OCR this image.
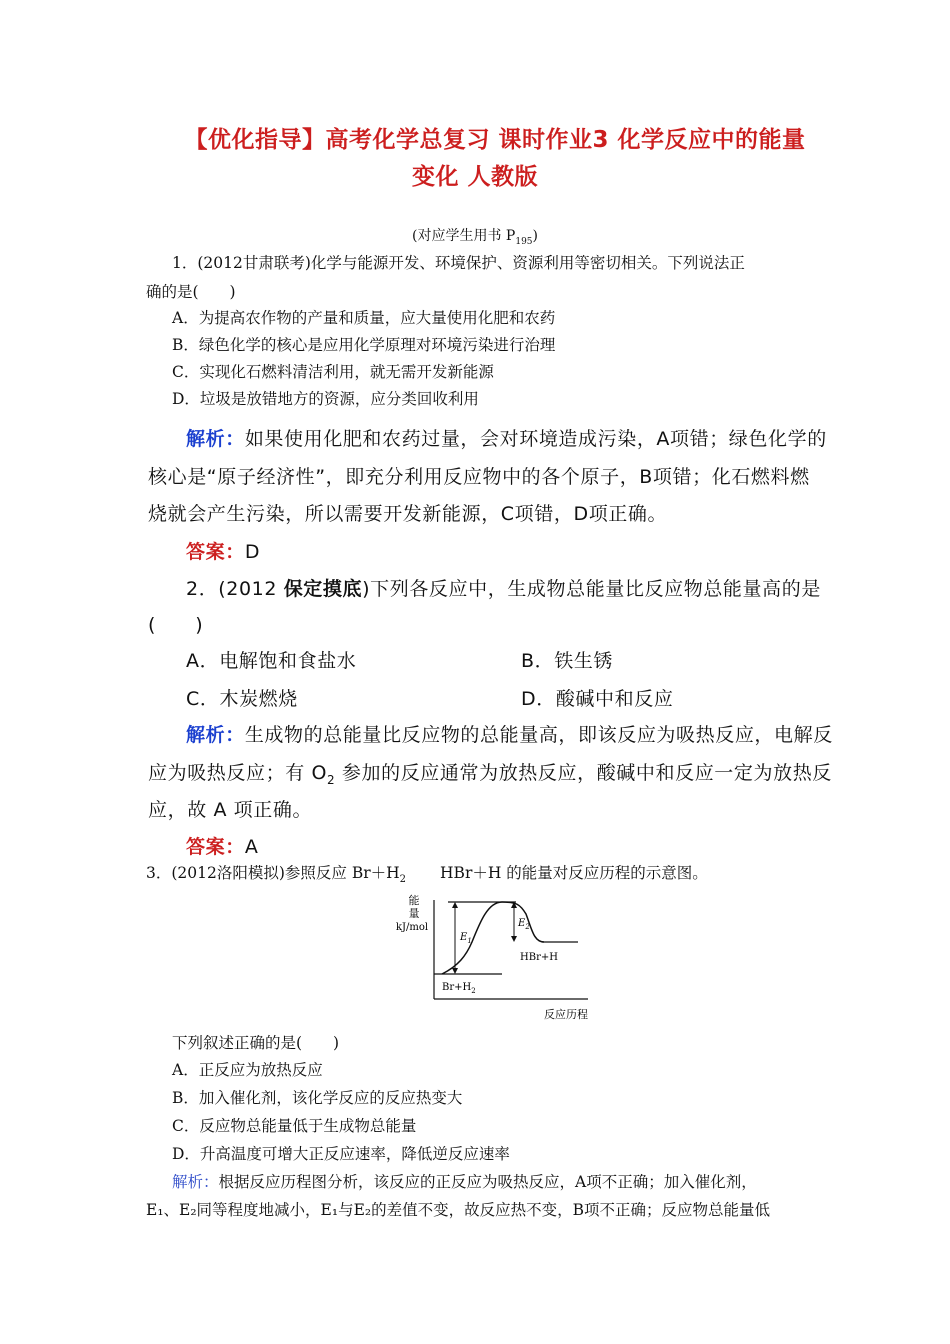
【优化指导】高考化学总复习 课时作业3 化学反应中的能量
变化 人教版
(对应学生用书 $P_{195}$)
1．(2012甘肃联考)化学与能源开发、环境保护、资源利用等密切相关。下列说法正
确的是(　　)
A．为提高农作物的产量和质量，应大量使用化肥和农药
B．绿色化学的核心是应用化学原理对环境污染进行治理
C．实现化石燃料清洁利用，就无需开发新能源
D．垃圾是放错地方的资源，应分类回收利用
解析：如果使用化肥和农药过量，会对环境造成污染，A项错；绿色化学的
核心是“原子经济性”，即充分利用反应物中的各个原子，B项错；化石燃料燃
烧就会产生污染，所以需要开发新能源，C项错，D项正确。
答案：D
2．(2012 保定摸底)下列各反应中，生成物总能量比反应物总能量高的是
(　　)
A．电解饱和食盐水	B．铁生锈
C．木炭燃烧	D．酸碱中和反应
解析：生成物的总能量比反应物的总能量高，即该反应为吸热反应，电解反
应为吸热反应；有 $O_2$ 参加的反应通常为放热反应，酸碱中和反应一定为放热反
应，故 A 项正确。
答案：A
3．(2012洛阳模拟)参照反应 $Br+H_2$ HBr＋H 的能量对反应历程的示意图。
能
量
kJ/mol
$E_1$
$E_2$
HBr+H
$Br+H_2$
反应历程
下列叙述正确的是(　　)
A．正反应为放热反应
B．加入催化剂，该化学反应的反应热变大
C．反应物总能量低于生成物总能量
D．升高温度可增大正反应速率，降低逆反应速率
解析：根据反应历程图分析，该反应的正反应为吸热反应，A项不正确；加入催化剂，
E₁、E₂同等程度地减小，E₁与E₂的差值不变，故反应热不变，B项不正确；反应物总能量低
